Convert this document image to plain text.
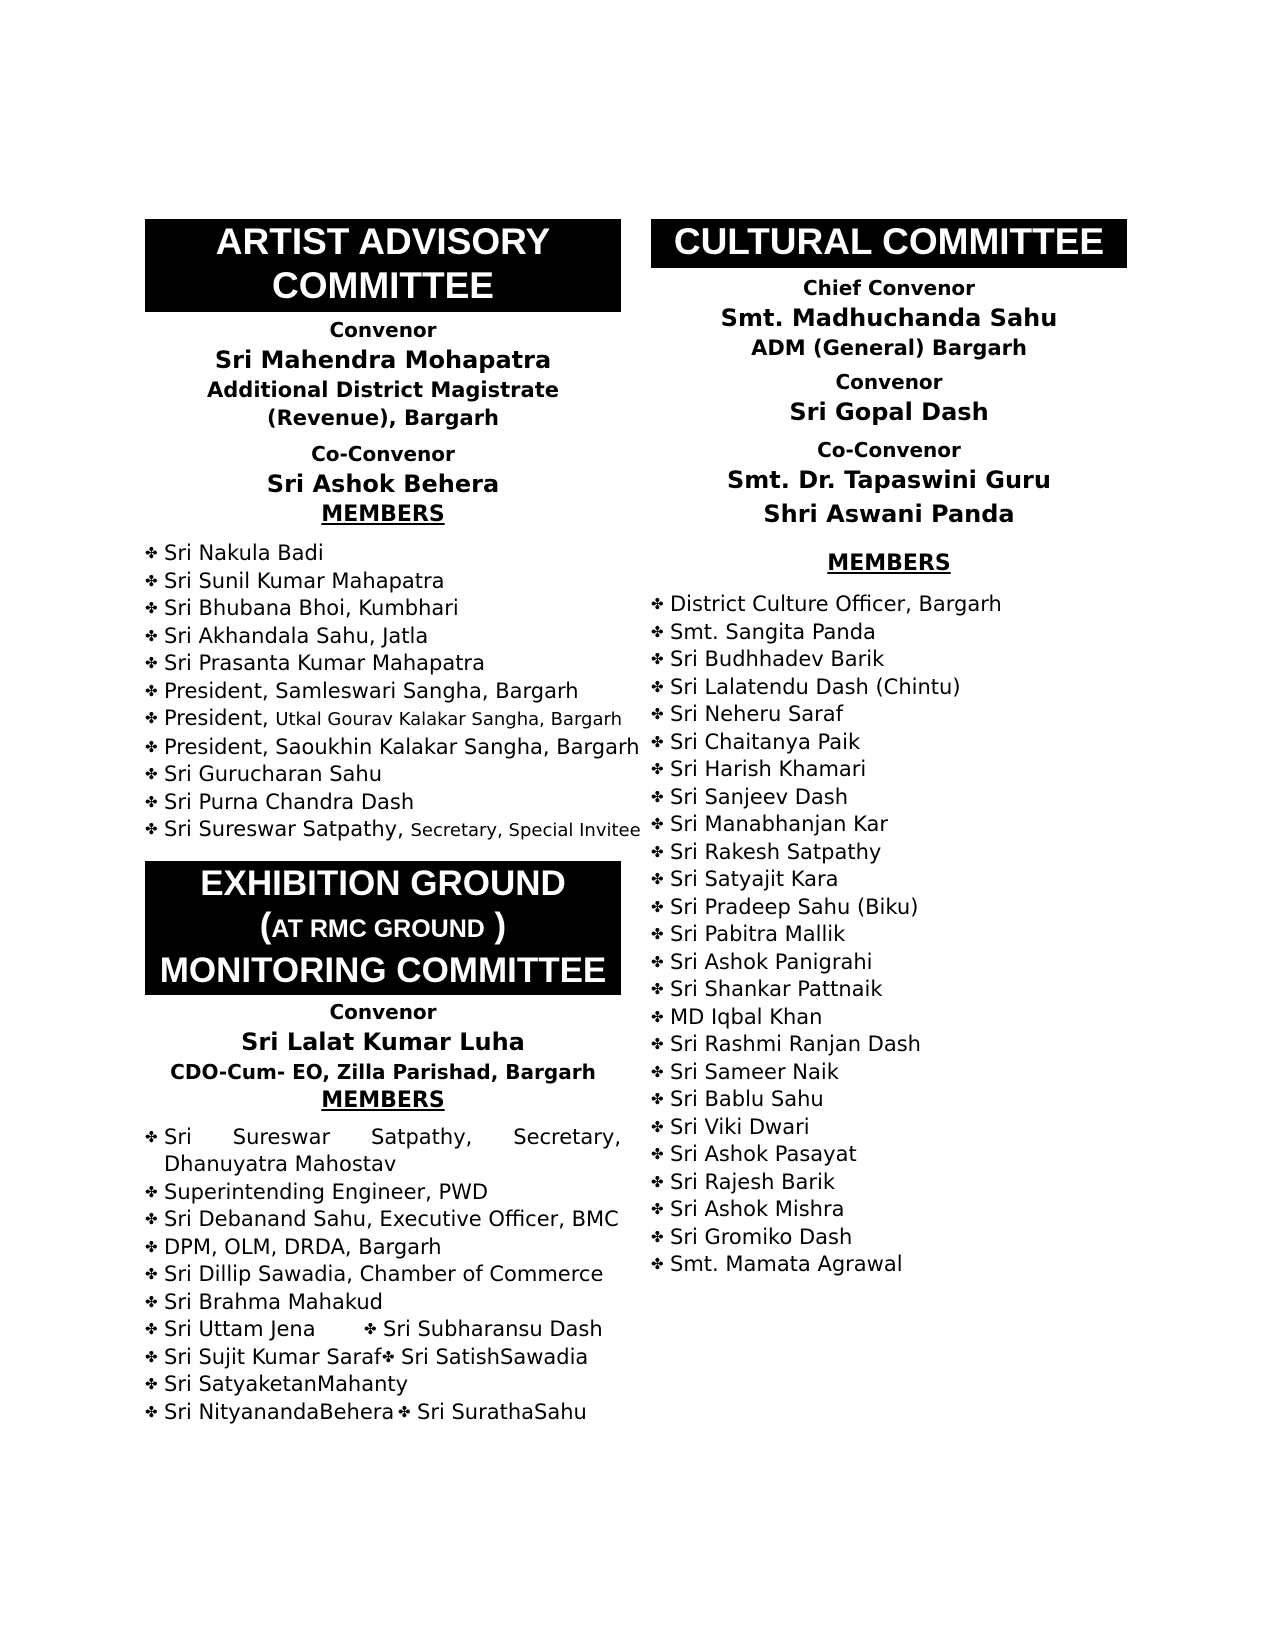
ARTIST ADVISORY
COMMITTEE
Convenor
Sri Mahendra Mohapatra
Additional District Magistrate
(Revenue), Bargarh
Co-Convenor
Sri Ashok Behera
MEMBERS
✤ Sri Nakula Badi
✤ Sri Sunil Kumar Mahapatra
✤ Sri Bhubana Bhoi, Kumbhari
✤ Sri Akhandala Sahu, Jatla
✤ Sri Prasanta Kumar Mahapatra
✤ President, Samleswari Sangha, Bargarh
✤ President, Utkal Gourav Kalakar Sangha, Bargarh
✤ President, Saoukhin Kalakar Sangha, Bargarh
✤ Sri Gurucharan Sahu
✤ Sri Purna Chandra Dash
✤ Sri Sureswar Satpathy, Secretary, Special Invitee
EXHIBITION GROUND
(AT RMC GROUND )
MONITORING COMMITTEE
Convenor
Sri Lalat Kumar Luha
CDO-Cum- EO, Zilla Parishad, Bargarh
MEMBERS
✤ Sri Sureswar Satpathy, Secretary,
Dhanuyatra Mahostav
✤ Superintending Engineer, PWD
✤ Sri Debanand Sahu, Executive Officer, BMC
✤ DPM, OLM, DRDA, Bargarh
✤ Sri Dillip Sawadia, Chamber of Commerce
✤ Sri Brahma Mahakud
✤ Sri Uttam Jena	✤ Sri Subharansu Dash
✤ Sri Sujit Kumar Saraf ✤ Sri SatishSawadia
✤ Sri SatyaketanMahanty
✤ Sri NityanandaBehera ✤ Sri SurathaSahu
CULTURAL COMMITTEE
Chief Convenor
Smt. Madhuchanda Sahu
ADM (General) Bargarh
Convenor
Sri Gopal Dash
Co-Convenor
Smt. Dr. Tapaswini Guru
Shri Aswani Panda
MEMBERS
✤ District Culture Officer, Bargarh
✤ Smt. Sangita Panda
✤ Sri Budhhadev Barik
✤ Sri Lalatendu Dash (Chintu)
✤ Sri Neheru Saraf
✤ Sri Chaitanya Paik
✤ Sri Harish Khamari
✤ Sri Sanjeev Dash
✤ Sri Manabhanjan Kar
✤ Sri Rakesh Satpathy
✤ Sri Satyajit Kara
✤ Sri Pradeep Sahu (Biku)
✤ Sri Pabitra Mallik
✤ Sri Ashok Panigrahi
✤ Sri Shankar Pattnaik
✤ MD Iqbal Khan
✤ Sri Rashmi Ranjan Dash
✤ Sri Sameer Naik
✤ Sri Bablu Sahu
✤ Sri Viki Dwari
✤ Sri Ashok Pasayat
✤ Sri Rajesh Barik
✤ Sri Ashok Mishra
✤ Sri Gromiko Dash
✤ Smt. Mamata Agrawal
